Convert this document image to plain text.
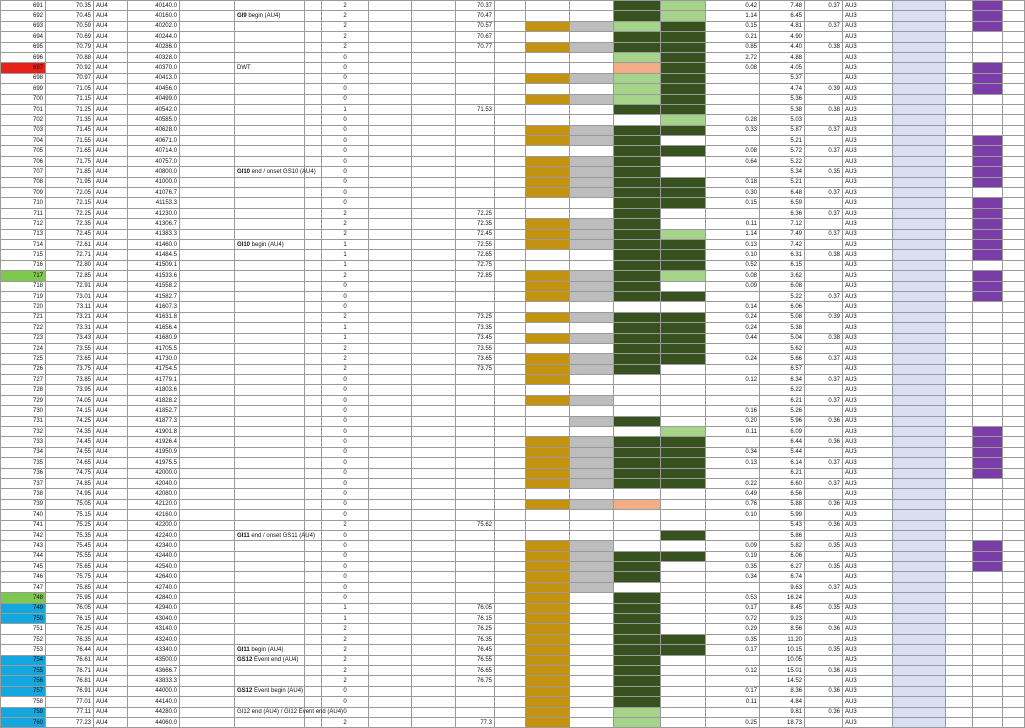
691	70.35	AU4	40140.0				2			70.37						0.42	7.48	0.37	AU3				
692	70.45	AU4	40160.0		GI9 begin (AU4)		2			70.47						1.14	6.45		AU3				
693	70.59	AU4	40202.0				2			70.57						0.15	4.81	0.37	AU3				
694	70.69	AU4	40244.0				2			70.67						0.21	4.90		AU3				
695	70.79	AU4	40286.0				2			70.77						0.85	4.40	0.38	AU3				
696	70.88	AU4	40328.0				0									2.72	4.88		AU3				
697	70.92	AU4	40370.0		DWT		0									0.08	4.05		AU3				
698	70.97	AU4	40413.0				0										5.37		AU3				
699	71.05	AU4	40456.0				0										4.74	0.39	AU3				
700	71.15	AU4	40499.0				0										5.36		AU3				
701	71.25	AU4	40542.0				1			71.53							5.38	0.38	AU3				
702	71.35	AU4	40585.0				0									0.28	5.03		AU3				
703	71.45	AU4	40628.0				0									0.33	5.87	0.37	AU3				
704	71.55	AU4	40671.0				0										5.21		AU3				
705	71.65	AU4	40714.0				0									0.08	5.72	0.37	AU3				
706	71.75	AU4	40757.0				0									0.64	5.22		AU3				
707	71.85	AU4	40800.0		GI10 end / onset GS10 (AU4)		0										5.34	0.35	AU3				
708	71.95	AU4	41000.0				0									0.18	5.21		AU3				
709	72.05	AU4	41076.7				0									0.30	6.48	0.37	AU3				
710	72.15	AU4	41153.3				0									0.15	6.59		AU3				
711	72.25	AU4	41230.0				2			72.25							6.36	0.37	AU3				
712	72.35	AU4	41306.7				2			72.35						0.11	7.12		AU3				
713	72.45	AU4	41383.3				2			72.45						1.14	7.49	0.37	AU3				
714	72.61	AU4	41460.0		GI10 begin (AU4)		1			72.55						0.13	7.42		AU3				
715	72.71	AU4	41484.5				1			72.65						0.10	6.31	0.38	AU3				
716	72.80	AU4	41509.1				1			72.75						0.52	6.15		AU3				
717	72.85	AU4	41533.6				2			72.85						0.08	3.62		AU3				
718	72.91	AU4	41558.2				0									0.09	6.08		AU3				
719	73.01	AU4	41582.7				0										5.22	0.37	AU3				
720	73.11	AU4	41607.3				0									0.14	6.06		AU3				
721	73.21	AU4	41631.8				2			73.25						0.24	5.08	0.39	AU3				
722	73.31	AU4	41656.4				1			73.35						0.24	5.38		AU3				
723	73.43	AU4	41680.9				1			73.45						0.44	5.04	0.38	AU3				
724	73.55	AU4	41705.5				2			73.55							5.62		AU3				
725	73.65	AU4	41730.0				2			73.65						0.24	5.66	0.37	AU3				
726	73.75	AU4	41754.5				2			73.75							6.57		AU3				
727	73.85	AU4	41779.1				0									0.12	6.34	0.37	AU3				
728	73.95	AU4	41803.6				0										6.22		AU3				
729	74.05	AU4	41828.2				0										6.21	0.37	AU3				
730	74.15	AU4	41852.7				0									0.16	5.26		AU3				
731	74.25	AU4	41877.3				0									0.20	5.96	0.36	AU3				
732	74.35	AU4	41901.8				0									0.11	6.09		AU3				
733	74.45	AU4	41926.4				0										6.44	0.36	AU3				
734	74.55	AU4	41950.9				0									0.34	5.44		AU3				
735	74.65	AU4	41975.5				0									0.13	6.14	0.37	AU3				
736	74.75	AU4	42000.0				0										6.21		AU3				
737	74.85	AU4	42040.0				0									0.22	6.60	0.37	AU3				
738	74.95	AU4	42080.0				0									0.49	6.56		AU3				
739	75.05	AU4	42120.0				0									0.76	5.88	0.36	AU3				
740	75.15	AU4	42160.0				0									0.10	5.99		AU3				
741	75.25	AU4	42200.0				2			75.62							5.43	0.36	AU3				
742	75.35	AU4	42240.0		GI11 end / onset GS11 (AU4)		0										5.86		AU3				
743	75.45	AU4	42340.0				0									0.09	5.82	0.35	AU3				
744	75.55	AU4	42440.0				0									0.19	6.06		AU3				
745	75.65	AU4	42540.0				0									0.35	6.27	0.35	AU3				
746	75.75	AU4	42640.0				0									0.34	6.74		AU3				
747	75.85	AU4	42740.0				0										9.63	0.37	AU3				
748	75.95	AU4	42840.0				0									0.53	16.24		AU3				
749	76.05	AU4	42940.0				1			76.05						0.17	8.45	0.35	AU3				
750	76.15	AU4	43040.0				1			76.15						0.72	9.23		AU3				
751	76.25	AU4	43140.0				2			76.25						0.29	8.56	0.36	AU3				
752	76.35	AU4	43240.0				2			76.35						0.35	11.20		AU3				
753	76.44	AU4	43340.0		GI11 begin (AU4)		2			76.45						0.17	10.15	0.35	AU3				
754	76.61	AU4	43500.0		GS12 Event end (AU4)		2			76.55							10.05		AU3				
755	76.71	AU4	43666.7				2			76.65						0.12	15.01	0.36	AU3				
756	76.81	AU4	43833.3				2			76.75							14.52		AU3				
757	76.91	AU4	44000.0		GS12 Event begin (AU4)		0									0.17	8.36	0.36	AU3				
758	77.01	AU4	44140.0				0									0.11	4.84		AU3				
759	77.11	AU4	44280.0		GI12 end (AU4) / GI12 Event end (AU4)		0										9.81	0.36	AU3				
760	77.23	AU4	44060.0				2			77.3						0.25	18.73		AU3				
